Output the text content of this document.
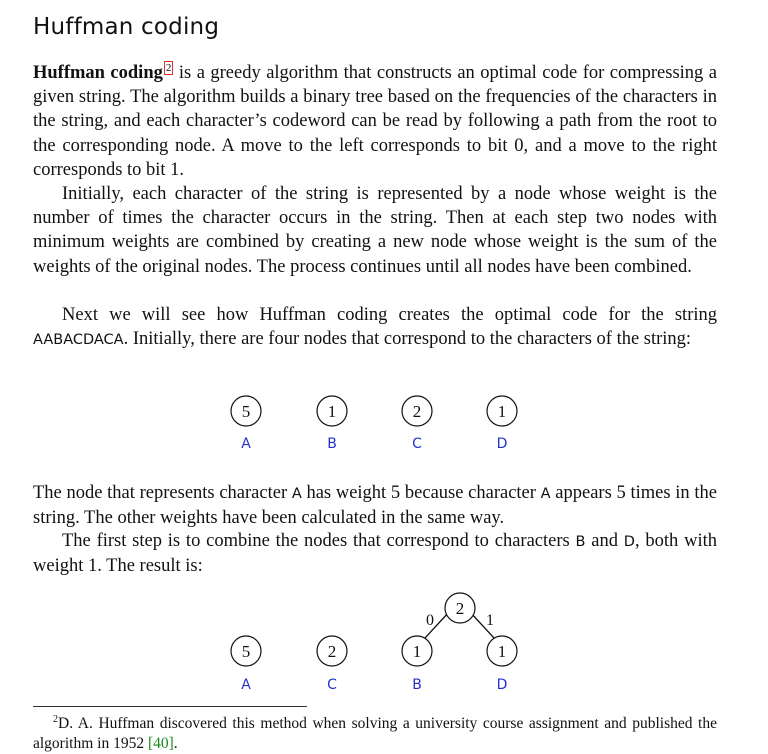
Huffman coding
Huffman coding 2 is a greedy algorithm that constructs an optimal code for compressing a given string. The algorithm builds a binary tree based on the frequencies of the characters in the string, and each character’s codeword can be read by following a path from the root to the corresponding node. A move to the left corresponds to bit 0, and a move to the right corresponds to bit 1.
Initially, each character of the string is represented by a node whose weight is the number of times the character occurs in the string. Then at each step two nodes with minimum weights are combined by creating a new node whose weight is the sum of the weights of the original nodes. The process continues until all nodes have been combined.
Next we will see how Huffman coding creates the optimal code for the string AABACDACA. Initially, there are four nodes that correspond to the characters of the string:
5
A
1
B
2
C
1
D
The node that represents character A has weight 5 because character A appears 5 times in the string. The other weights have been calculated in the same way.
The first step is to combine the nodes that correspond to characters B and D, both with weight 1. The result is:
0	1
2
5
A
2
C
1
B
1
D
$^2$D. A. Huffman discovered this method when solving a university course assignment and published the algorithm in 1952 [40].
